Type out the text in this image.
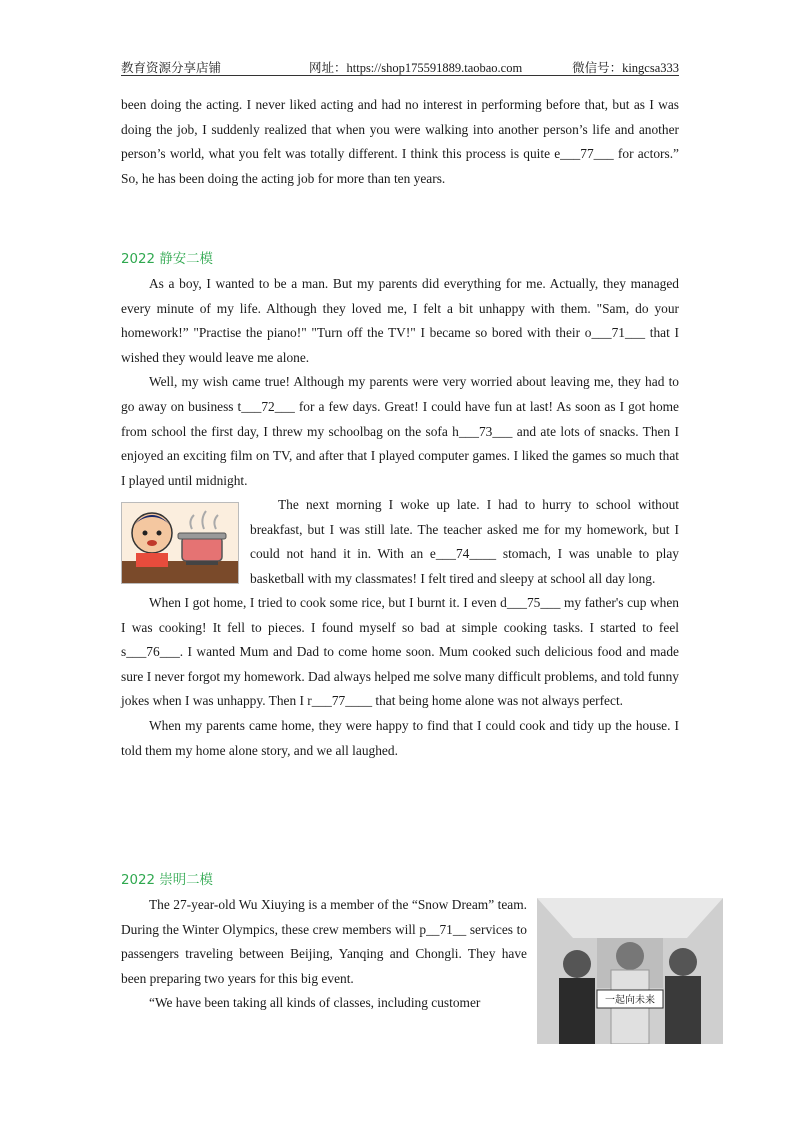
教育资源分享店铺	网址：https://shop175591889.taobao.com	微信号：kingcsa333

been doing the acting. I never liked acting and had no interest in performing before that, but as I was doing the job, I suddenly realized that when you were walking into another person’s life and another person’s world, what you felt was totally different. I think this process is quite e___77___ for actors.” So, he has been doing the acting job for more than ten years.

2022 静安二模

As a boy, I wanted to be a man. But my parents did everything for me. Actually, they managed every minute of my life. Although they loved me, I felt a bit unhappy with them. "Sam, do your homework!” "Practise the piano!" "Turn off the TV!" I became so bored with their o___71___ that I wished they would leave me alone.

Well, my wish came true! Although my parents were very worried about leaving me, they had to go away on business t___72___ for a few days. Great! I could have fun at last! As soon as I got home from school the first day, I threw my schoolbag on the sofa h___73___ and ate lots of snacks. Then I enjoyed an exciting film on TV, and after that I played computer games. I liked the games so much that I played until midnight.

The next morning I woke up late. I had to hurry to school without breakfast, but I was still late. The teacher asked me for my homework, but I could not hand it in. With an e___74____ stomach, I was unable to play basketball with my classmates! I felt tired and sleepy at school all day long.

When I got home, I tried to cook some rice, but I burnt it. I even d___75___ my father's cup when I was cooking! It fell to pieces. I found myself so bad at simple cooking tasks. I started to feel s___76___. I wanted Mum and Dad to come home soon. Mum cooked such delicious food and made sure I never forgot my homework. Dad always helped me solve many difficult problems, and told funny jokes when I was unhappy. Then I r___77____ that being home alone was not always perfect.

When my parents came home, they were happy to find that I could cook and tidy up the house. I told them my home alone story, and we all laughed.

2022 崇明二模

The 27-year-old Wu Xiuying is a member of the “Snow Dream” team. During the Winter Olympics, these crew members will p__71__ services to passengers traveling between Beijing, Yanqing and Chongli. They have been preparing two years for this big event.

“We have been taking all kinds of classes, including customer	一起向未来
